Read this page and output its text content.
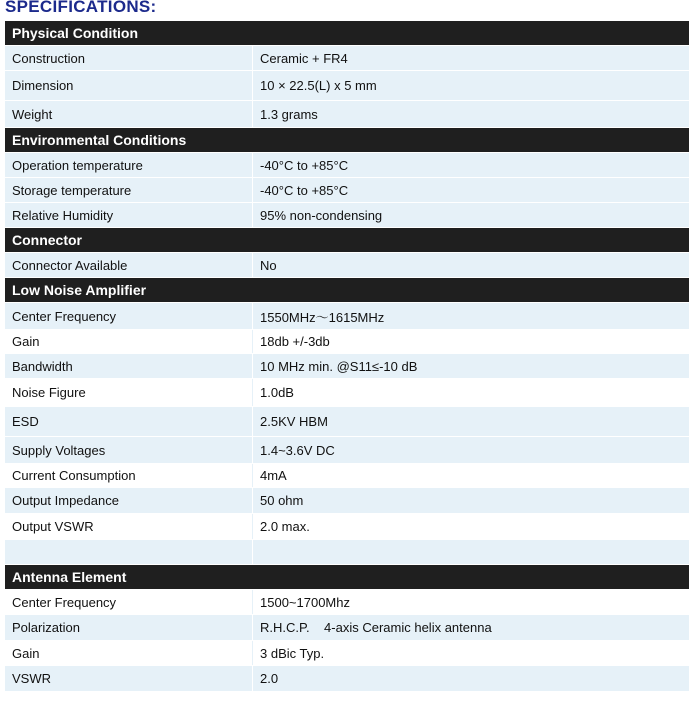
SPECIFICATIONS:
Physical Condition
Construction	Ceramic + FR4
Dimension	10 × 22.5(L) x 5 mm
Weight	1.3 grams
Environmental Conditions
Operation temperature	-40°C to +85°C
Storage temperature	-40°C to +85°C
Relative Humidity	95% non-condensing
Connector
Connector Available	No
Low Noise Amplifier
Center Frequency	1550MHz～1615MHz
Gain	18db +/-3db
Bandwidth	10 MHz min. @S11≤-10 dB
Noise Figure	1.0dB
ESD	2.5KV HBM
Supply Voltages	1.4~3.6V DC
Current Consumption	4mA
Output Impedance	50 ohm
Output VSWR	2.0 max.
Antenna Element
Center Frequency	1500~1700Mhz
Polarization	R.H.C.P.    4-axis Ceramic helix antenna
Gain	3 dBic Typ.
VSWR	2.0
